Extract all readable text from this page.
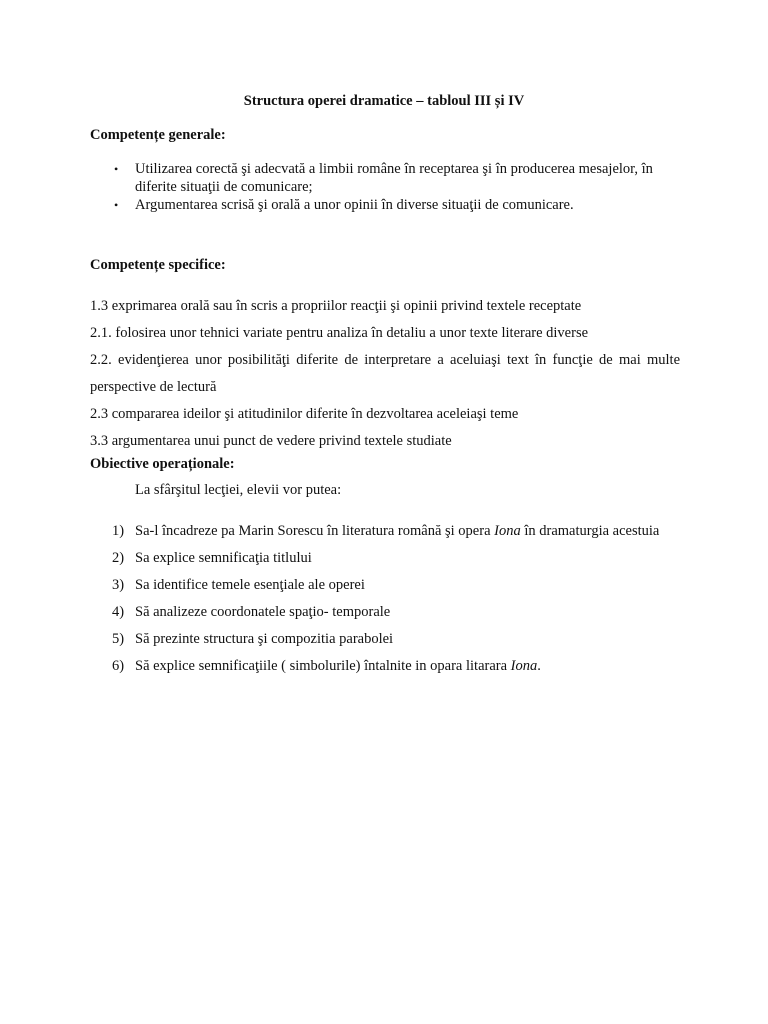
Structura operei dramatice – tabloul III și IV
Competențe generale:
• Utilizarea corectă şi adecvată a limbii române în receptarea şi în producerea mesajelor, în diferite situaţii de comunicare;
• Argumentarea scrisă şi orală a unor opinii în diverse situaţii de comunicare.
Competențe specifice:
1.3 exprimarea orală sau în scris a propriilor reacţii şi opinii privind textele receptate
2.1. folosirea unor tehnici variate pentru analiza în detaliu a unor texte literare diverse
2.2. evidenţierea unor posibilităţi diferite de interpretare a aceluiaşi text în funcţie de mai multe perspective de lectură
2.3 compararea ideilor şi atitudinilor diferite în dezvoltarea aceleiaşi teme
3.3 argumentarea unui punct de vedere privind textele studiate
Obiective operaționale:
La sfârşitul lecţiei, elevii vor putea:
1) Sa-l încadreze pa Marin Sorescu în literatura română şi opera Iona în dramaturgia acestuia
2) Sa explice semnificaţia titlului
3) Sa identifice temele esenţiale ale operei
4) Să analizeze coordonatele spaţio- temporale
5) Să prezinte structura şi compozitia parabolei
6) Să explice semnificaţiile ( simbolurile) întalnite in opara litarara Iona.
